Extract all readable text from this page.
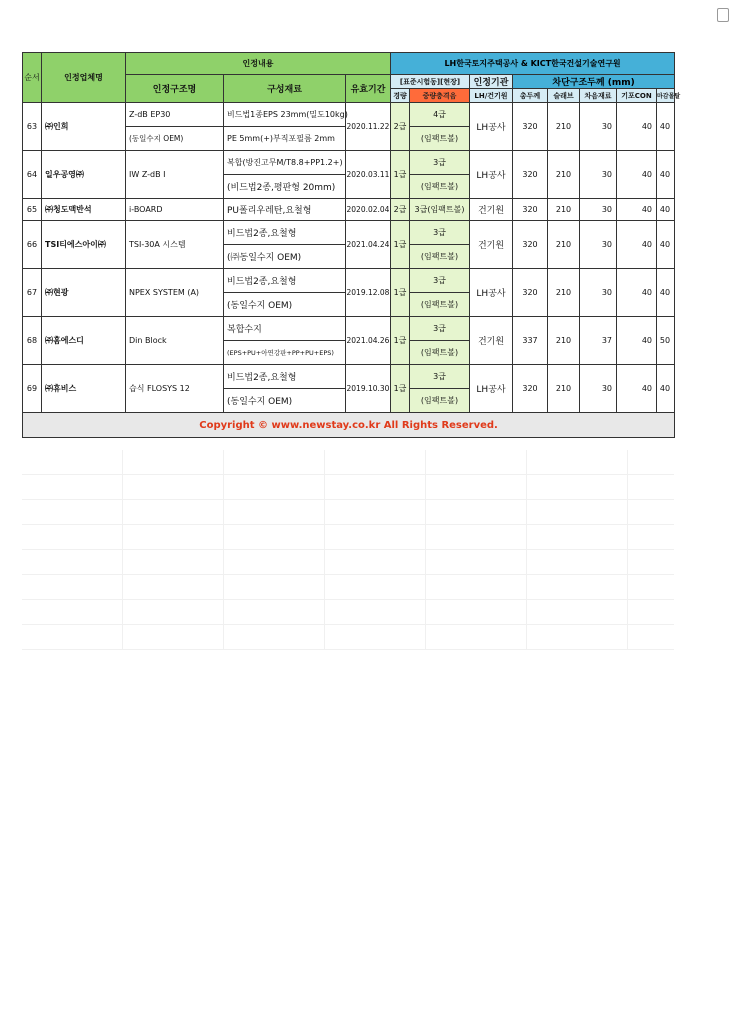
순서	인정업체명	인정내용			LH한국토지주택공사 & KICT한국건설기술연구원							
		인정구조명	구성재료	유효기간	[표준시험동][현장]		인정기관	차단구조두께 (mm)				
					경량	중량충격음	LH/건기원	총두께	슬래브	차음재료	기포CON	마감몰탈
63	㈜인희	Z-dB EP30	비드법1종EPS 23mm(밀도10kg)	2020.11.22	2급	4급	LH공사	320	210	30	40	40
		(동일수지 OEM)	PE 5mm(+)부직포필름 2mm			(임팩트볼)						
64	일우공영㈜	IW Z-dB I	복합(방진고무M/T8.8+PP1.2+)	2020.03.11	1급	3급	LH공사	320	210	30	40	40
			(비드법2종,평판형 20mm)			(임팩트볼)						
65	㈜청도맥반석	i-BOARD	PU폴리우레탄,요철형	2020.02.04	2급	3급(임팩트볼)	건기원	320	210	30	40	40
66	TSI티에스아이㈜	TSI-30A 시스템	비드법2종,요철형	2021.04.24	1급	3급	건기원	320	210	30	40	40
			(㈜동일수지 OEM)			(임팩트볼)						
67	㈜현광	NPEX SYSTEM (A)	비드법2종,요철형	2019.12.08	1급	3급	LH공사	320	210	30	40	40
			(동일수지 OEM)			(임팩트볼)						
68	㈜홈에스디	Din Block	복합수지	2021.04.26	1급	3급	건기원	337	210	37	40	50
			(EPS+PU+아연강판+PP+PU+EPS)			(임팩트볼)						
69	㈜휴비스	습식 FLOSYS 12	비드법2종,요철형	2019.10.30	1급	3급	LH공사	320	210	30	40	40
			(동일수지 OEM)			(임팩트볼)						
Copyright © www.newstay.co.kr All Rights Reserved.												
